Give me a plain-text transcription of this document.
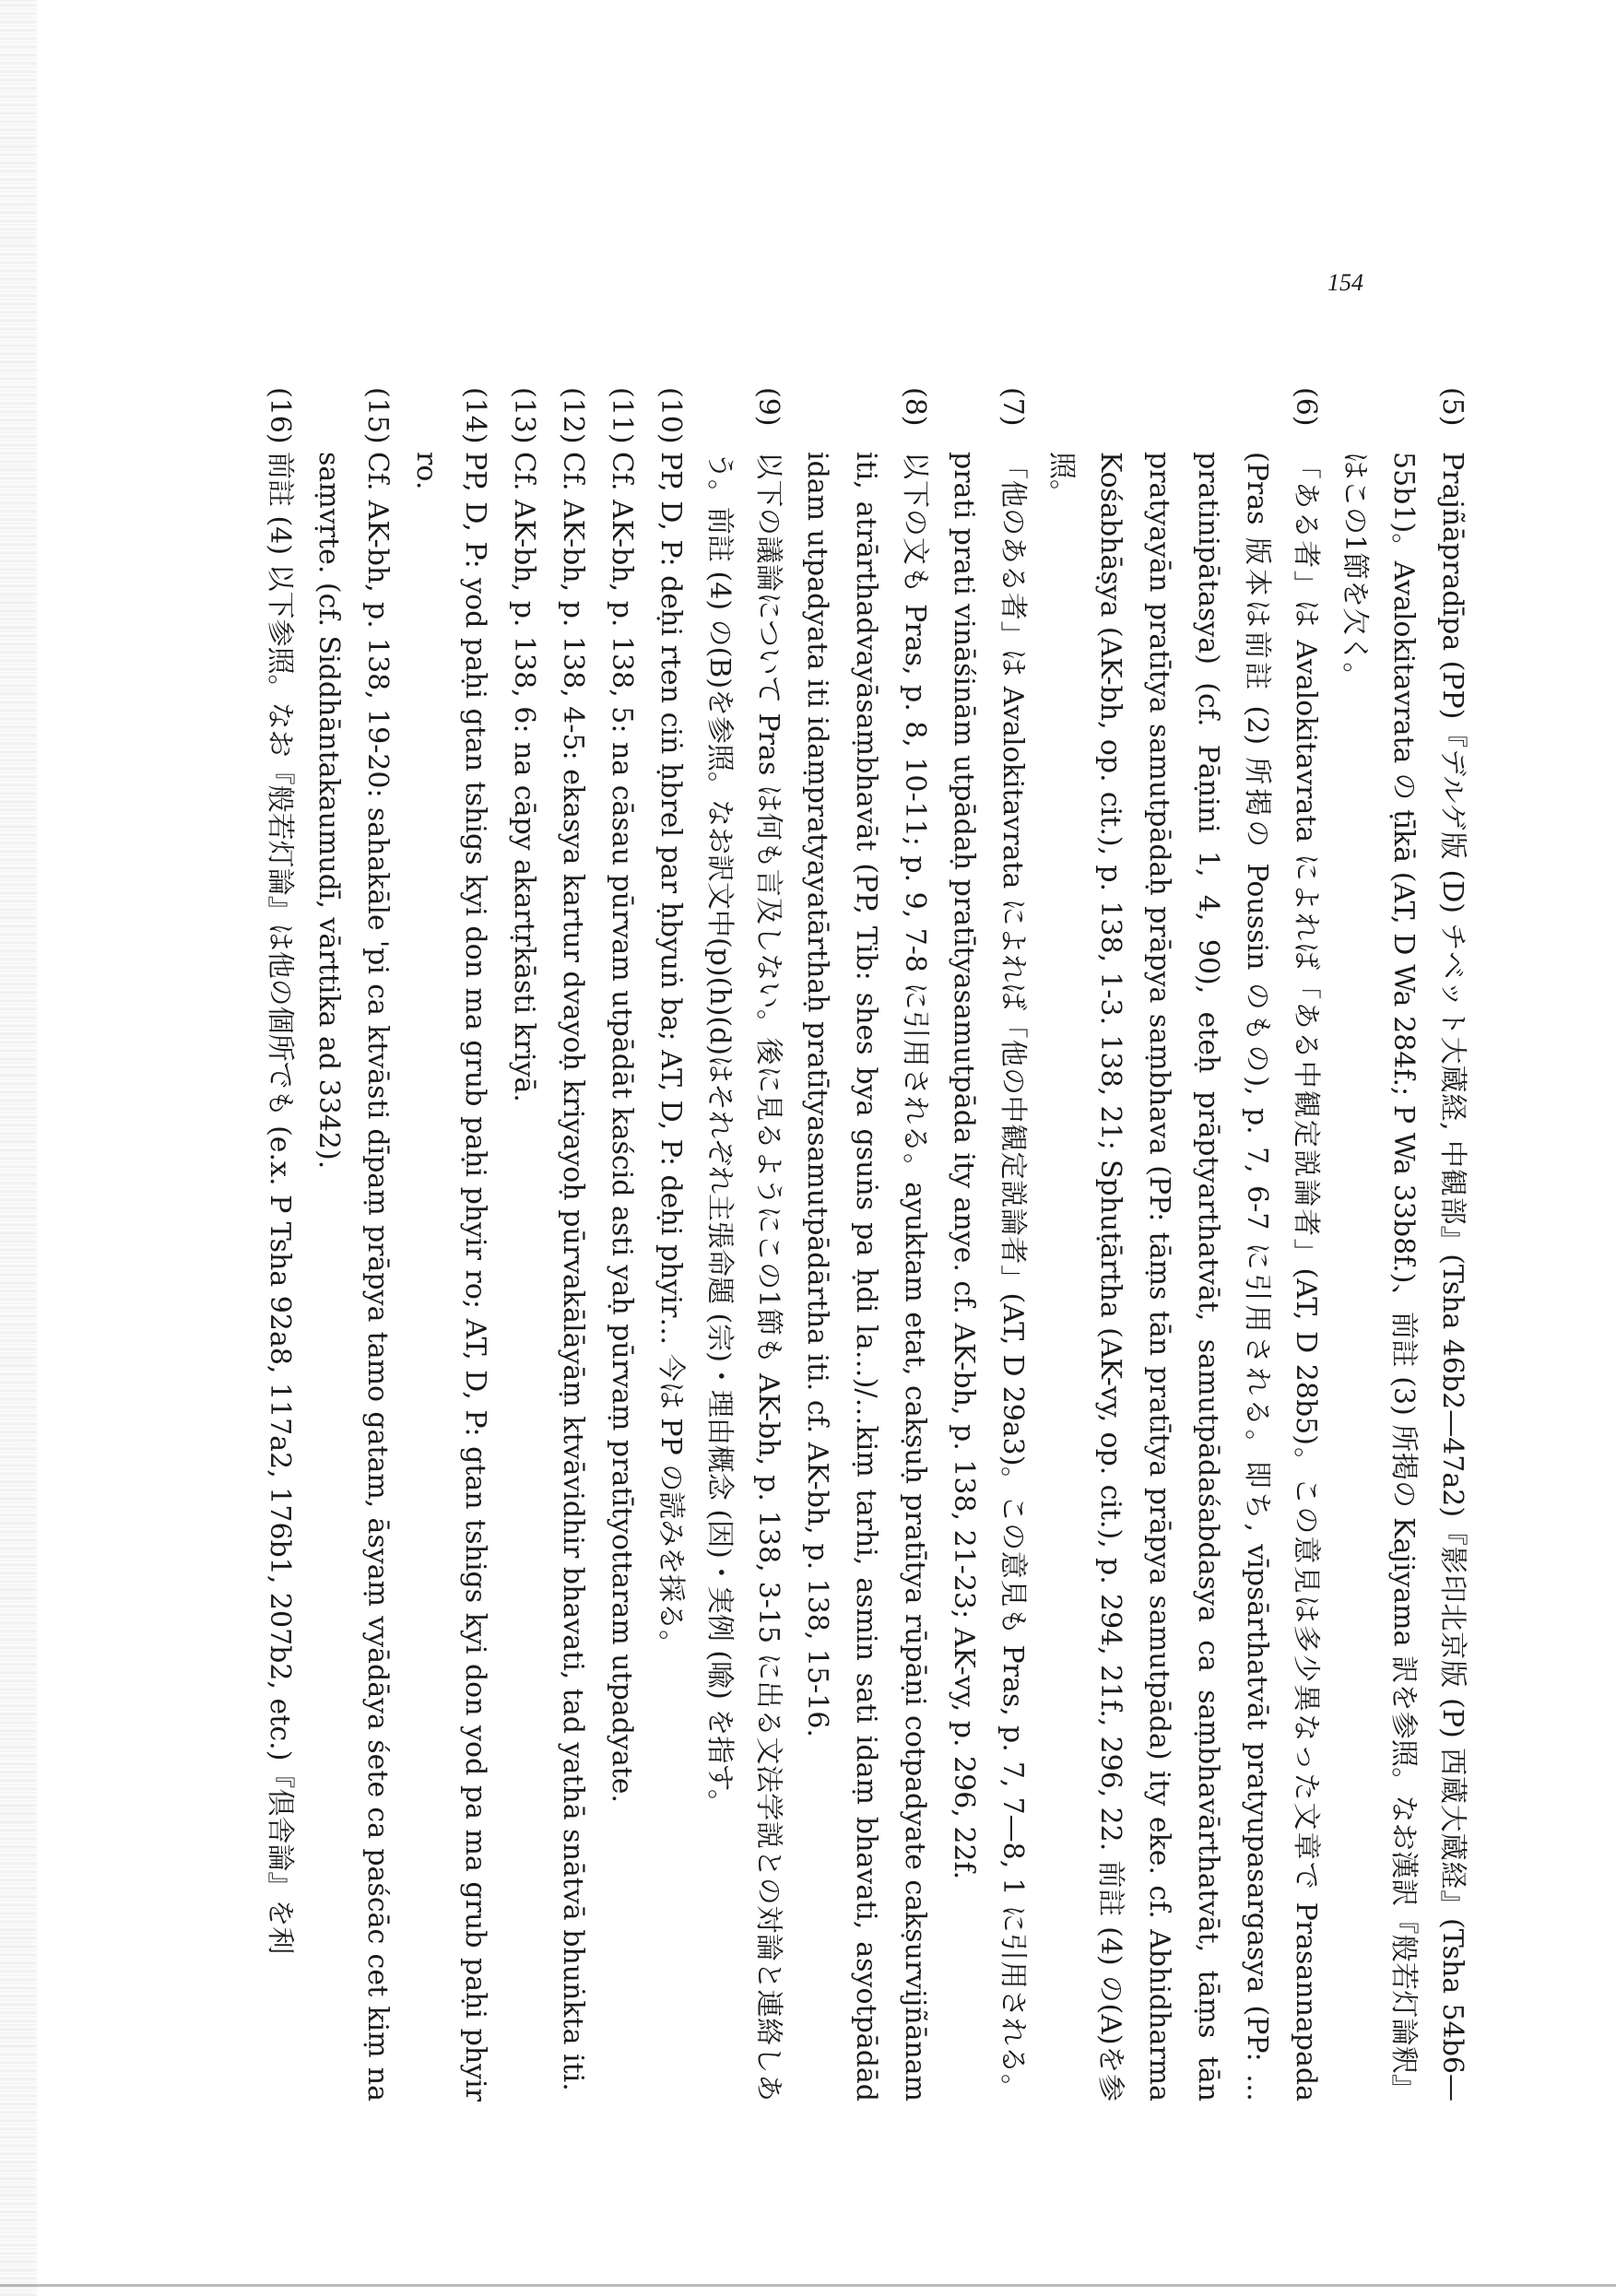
154
(5)
Prajñāpradīpa (PP)『デルゲ版 (D) チベット大蔵経, 中観部』(Tsha 46b2—47a2)『影印北京版 (P) 西蔵大蔵経』(Tsha 54b6—55b1)。Avalokitavrata の ṭīkā (AT, D Wa 284f.; P Wa 33b8f.)、前註 (3) 所掲の Kajiyama 訳を参照。なお漢訳『般若灯論釈』はこの1節を欠く。
(6)
「ある者」は Avalokitavrata によれば「ある中観定説論者」(AT, D 28b5)。この意見は多少異なった文章で Prasannapada (Pras 版本は前註 (2) 所掲の Poussin のもの), p. 7, 6-7 に引用される。即ち, vīpsārthatvāt pratyupasargasya (PP: …pratinipātasya) (cf. Pāṇini 1, 4, 90), eteḥ prāptyarthatvāt, samutpādaśabdasya ca saṃbhavārthatvāt, tāṃs tān pratyayān pratītya samutpādaḥ prāpya saṃbhava (PP: tāṃs tān pratītya prāpya samutpāda) ity eke. cf. Abhidharma Kośabhāṣya (AK-bh, op. cit.), p. 138, 1-3. 138, 21; Sphuṭārtha (AK-vy, op. cit.), p. 294, 21f., 296, 22. 前註 (4) の(A)を参照。
(7)
「他のある者」は Avalokitavrata によれば「他の中観定説論者」(AT, D 29a3)。この意見も Pras, p. 7, 7—8, 1 に引用される。prati prati vināśinām utpādaḥ pratītyasamutpāda ity anye. cf. AK-bh, p. 138, 21-23; AK-vy, p. 296, 22f.
(8)
以下の文も Pras, p. 8, 10-11; p. 9, 7-8 に引用される。ayuktam etat, cakṣuḥ pratītya rūpāṇi cotpadyate cakṣurvijñānam iti, atrārthadvayāsaṃbhavāt (PP, Tib: shes bya gsuṅs pa ḥdi la…)/…kiṃ tarhi, asmin sati idaṃ bhavati, asyotpādād idam utpadyata iti idaṃpratyayatārthaḥ pratītyasamutpādārtha iti. cf. AK-bh, p. 138, 15-16.
(9)
以下の議論について Pras は何も言及しない。後に見るようにこの1節も AK-bh, p. 138, 3-15 に出る文法学説との対論と連絡しあう。前註 (4) の(B)を参照。なお訳文中(p)(h)(d)はそれぞれ主張命題 (宗)・理由概念 (因)・実例 (喩) を指す。
(10)
PP, D, P: deḥi rten ciṅ ḥbrel par ḥbyuṅ ba; AT, D, P: deḥi phyir… 今は PP の読みを採る。
(11)
Cf. AK-bh, p. 138, 5: na cāsau pūrvam utpādāt kaścid asti yaḥ pūrvaṃ pratītyottaram utpadyate.
(12)
Cf. AK-bh, p. 138, 4-5: ekasya kartur dvayoḥ kriyayoḥ pūrvakālāyāṃ ktvāvidhir bhavati, tad yathā snātvā bhuṅkta iti.
(13)
Cf. AK-bh, p. 138, 6: na cāpy akartṛkāsti kriyā.
(14)
PP, D, P: yod paḥi gtan tshigs kyi don ma grub paḥi phyir ro; AT, D, P: gtan tshigs kyi don yod pa ma grub paḥi phyir ro.
(15)
Cf. AK-bh, p. 138, 19-20: sahakāle 'pi ca ktvāsti dīpaṃ prāpya tamo gatam, āsyaṃ vyādāya śete ca paścāc cet kiṃ na saṃvṛte. (cf. Siddhāntakaumudī, vārttika ad 3342).
(16)
前註 (4) 以下参照。なお『般若灯論』は他の個所でも (e.x. P Tsha 92a8, 117a2, 176b1, 207b2, etc.)『倶舎論』を利
